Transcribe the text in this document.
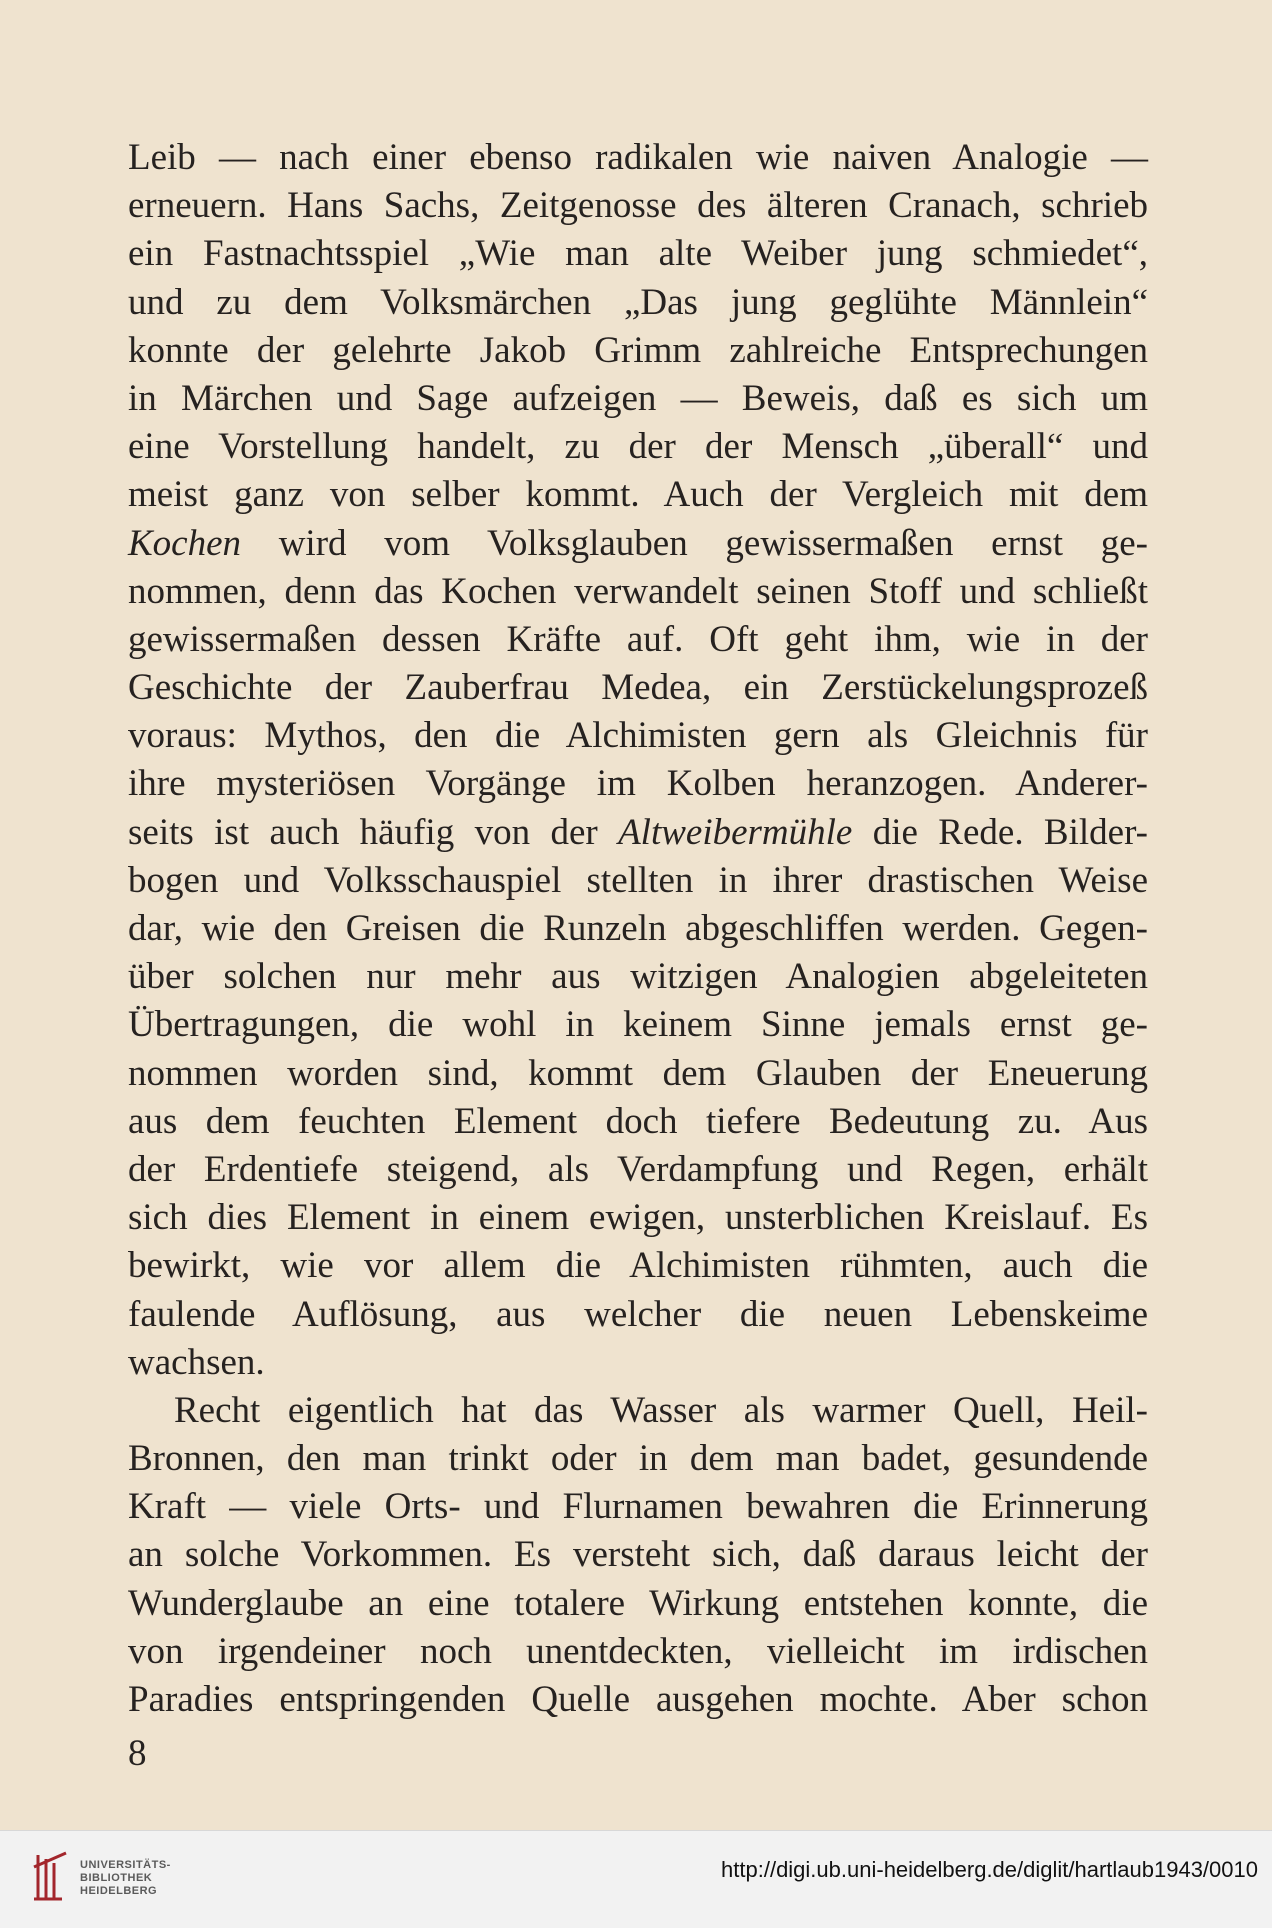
Leib — nach einer ebenso radikalen wie naiven Analogie —
erneuern. Hans Sachs, Zeitgenosse des älteren Cranach, schrieb
ein Fastnachtsspiel „Wie man alte Weiber jung schmiedet“,
und zu dem Volksmärchen „Das jung geglühte Männlein“
konnte der gelehrte Jakob Grimm zahlreiche Entsprechungen
in Märchen und Sage aufzeigen — Beweis, daß es sich um
eine Vorstellung handelt, zu der der Mensch „überall“ und
meist ganz von selber kommt. Auch der Vergleich mit dem
Kochen wird vom Volksglauben gewissermaßen ernst ge-
nommen, denn das Kochen verwandelt seinen Stoff und schließt
gewissermaßen dessen Kräfte auf. Oft geht ihm, wie in der
Geschichte der Zauberfrau Medea, ein Zerstückelungsprozeß
voraus: Mythos, den die Alchimisten gern als Gleichnis für
ihre mysteriösen Vorgänge im Kolben heranzogen. Anderer-
seits ist auch häufig von der Altweibermühle die Rede. Bilder-
bogen und Volksschauspiel stellten in ihrer drastischen Weise
dar, wie den Greisen die Runzeln abgeschliffen werden. Gegen-
über solchen nur mehr aus witzigen Analogien abgeleiteten
Übertragungen, die wohl in keinem Sinne jemals ernst ge-
nommen worden sind, kommt dem Glauben der Eneuerung
aus dem feuchten Element doch tiefere Bedeutung zu. Aus
der Erdentiefe steigend, als Verdampfung und Regen, erhält
sich dies Element in einem ewigen, unsterblichen Kreislauf. Es
bewirkt, wie vor allem die Alchimisten rühmten, auch die
faulende Auflösung, aus welcher die neuen Lebenskeime
wachsen.
Recht eigentlich hat das Wasser als warmer Quell, Heil-
Bronnen, den man trinkt oder in dem man badet, gesundende
Kraft — viele Orts- und Flurnamen bewahren die Erinnerung
an solche Vorkommen. Es versteht sich, daß daraus leicht der
Wunderglaube an eine totalere Wirkung entstehen konnte, die
von irgendeiner noch unentdeckten, vielleicht im irdischen
Paradies entspringenden Quelle ausgehen mochte. Aber schon
8
UNIVERSITÄTS-
BIBLIOTHEK
HEIDELBERG
http://digi.ub.uni-heidelberg.de/diglit/hartlaub1943/0010
